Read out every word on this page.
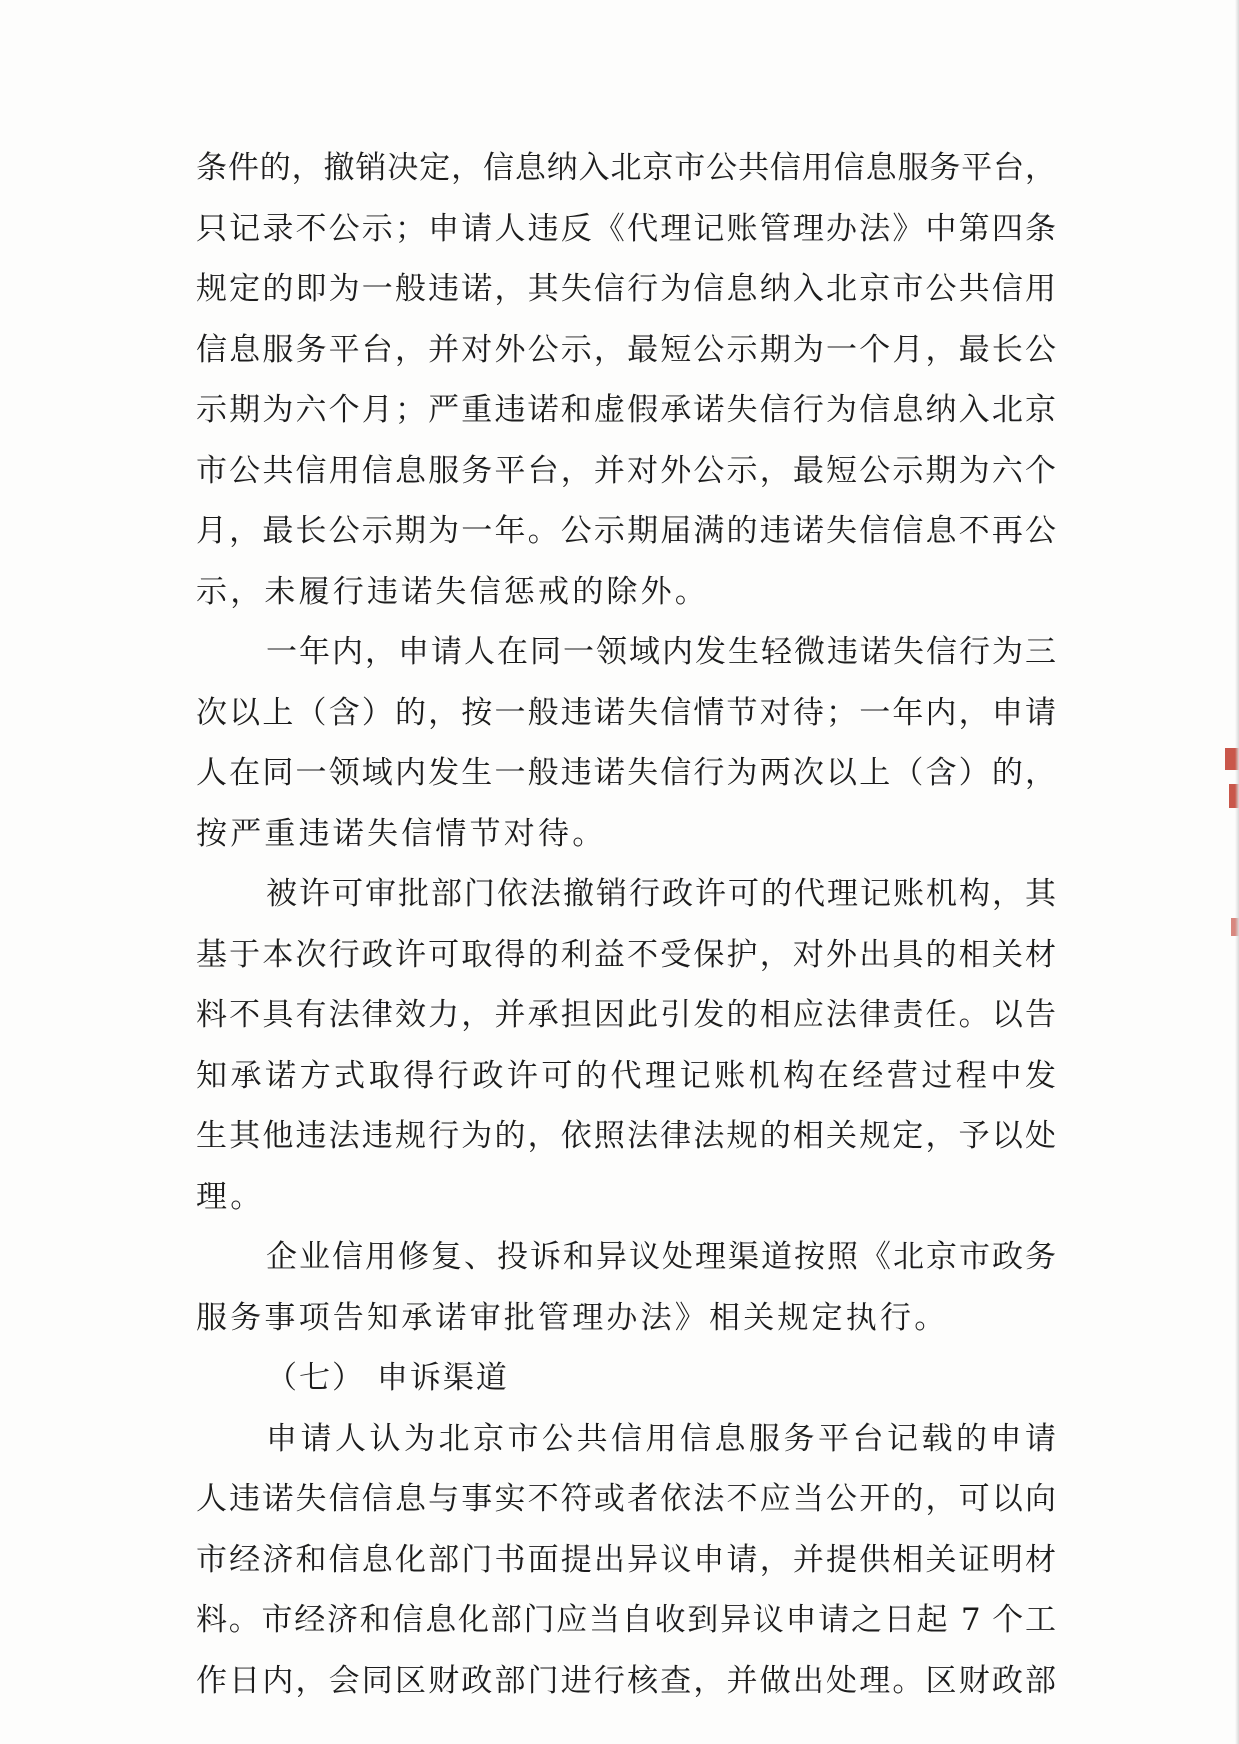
条件的，撤销决定，信息纳入北京市公共信用信息服务平台，
只记录不公示；申请人违反《代理记账管理办法》中第四条
规定的即为一般违诺，其失信行为信息纳入北京市公共信用
信息服务平台，并对外公示，最短公示期为一个月，最长公
示期为六个月；严重违诺和虚假承诺失信行为信息纳入北京
市公共信用信息服务平台，并对外公示，最短公示期为六个
月，最长公示期为一年。公示期届满的违诺失信信息不再公
示，未履行违诺失信惩戒的除外。
一年内，申请人在同一领域内发生轻微违诺失信行为三
次以上（含）的，按一般违诺失信情节对待；一年内，申请
人在同一领域内发生一般违诺失信行为两次以上（含）的，
按严重违诺失信情节对待。
被许可审批部门依法撤销行政许可的代理记账机构，其
基于本次行政许可取得的利益不受保护，对外出具的相关材
料不具有法律效力，并承担因此引发的相应法律责任。以告
知承诺方式取得行政许可的代理记账机构在经营过程中发
生其他违法违规行为的，依照法律法规的相关规定，予以处
理。
企业信用修复、投诉和异议处理渠道按照《北京市政务
服务事项告知承诺审批管理办法》相关规定执行。
（七） 申诉渠道
申请人认为北京市公共信用信息服务平台记载的申请
人违诺失信信息与事实不符或者依法不应当公开的，可以向
市经济和信息化部门书面提出异议申请，并提供相关证明材
料。市经济和信息化部门应当自收到异议申请之日起 7 个工
作日内，会同区财政部门进行核查，并做出处理。区财政部
